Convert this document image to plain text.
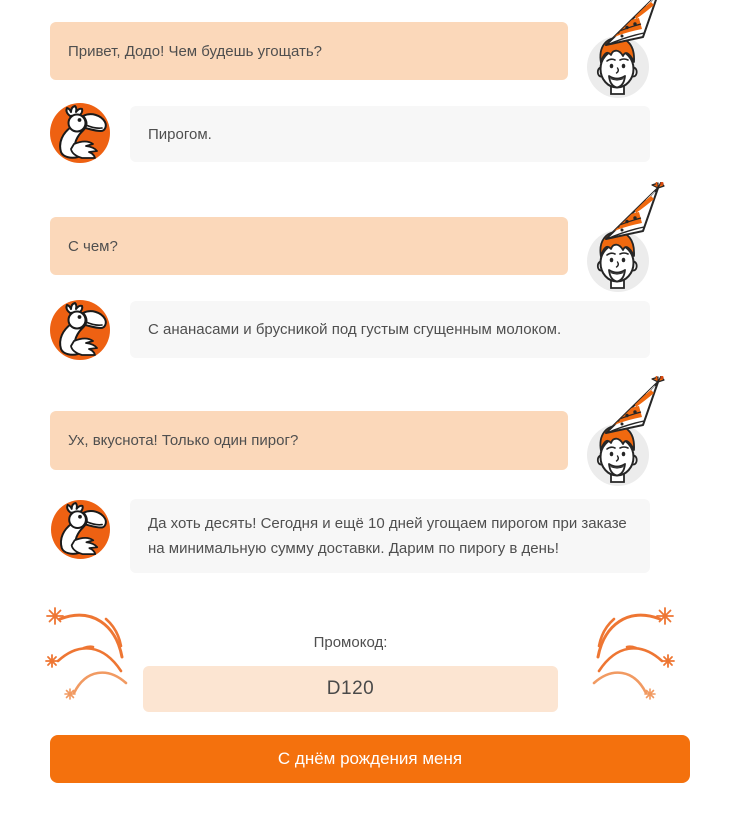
Привет, Додо! Чем будешь угощать?
Пирогом.
С чем?
С ананасами и брусникой под густым сгущенным молоком.
Ух, вкуснота! Только один пирог?
Да хоть десять! Сегодня и ещё 10 дней угощаем пирогом при заказе на минимальную сумму доставки. Дарим по пирогу в день!
Промокод:
D120
С днём рождения меня
